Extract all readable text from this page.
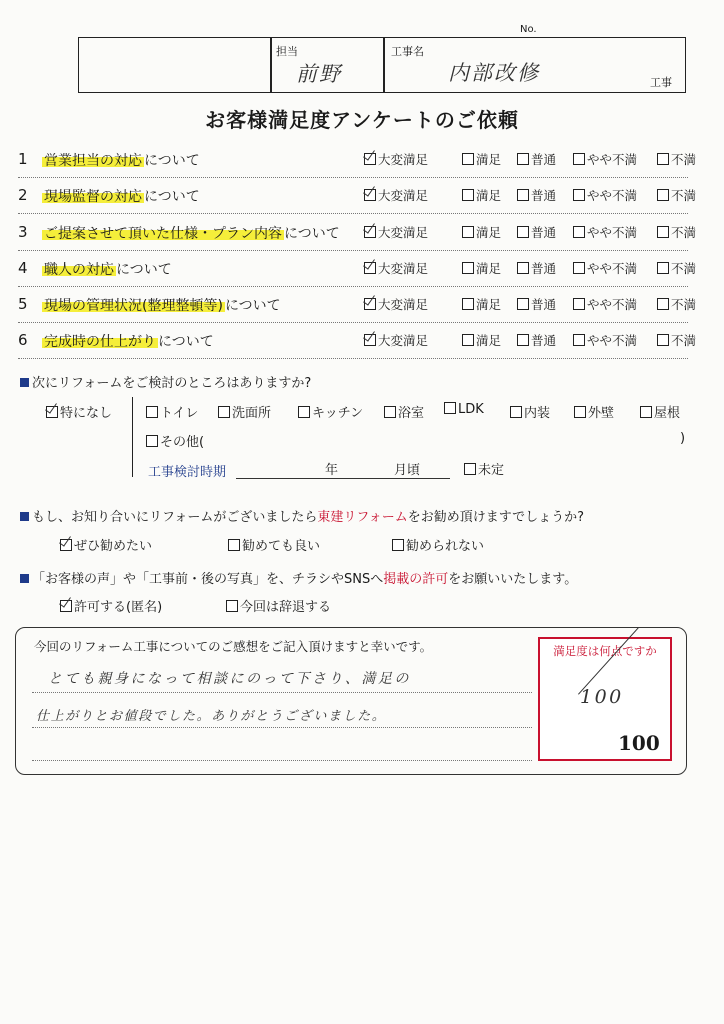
No.
担当
前野
工事名
内部改修	工事
お客様満足度アンケートのご依頼
1 営業担当の対応 について	大変満足	満足	普通	やや不満	不満
2 現場監督の対応 について	大変満足	満足	普通	やや不満	不満
3 ご提案させて頂いた仕様・プラン内容 について	大変満足	満足	普通	やや不満	不満
4 職人の対応 について	大変満足	満足	普通	やや不満	不満
5 現場の管理状況(整理整頓等) について	大変満足	満足	普通	やや不満	不満
6 完成時の仕上がり について	大変満足	満足	普通	やや不満	不満
次にリフォームをご検討のところはありますか?
特になし	トイレ	洗面所	キッチン	浴室	LDK	内装	外壁	屋根
その他(	)
工事検討時期	年	月頃	未定
もし、お知り合いにリフォームがございましたら東建リフォームをお勧め頂けますでしょうか?
ぜひ勧めたい	勧めても良い	勧められない
「お客様の声」や「工事前・後の写真」を、チラシやSNSへ掲載の許可をお願いいたします。
許可する(匿名)	今回は辞退する
今回のリフォーム工事についてのご感想をご記入頂けますと幸いです。
とても親身になって相談にのって下さり、満足の
仕上がりとお値段でした。ありがとうございました。
満足度は何点ですか
100
100
